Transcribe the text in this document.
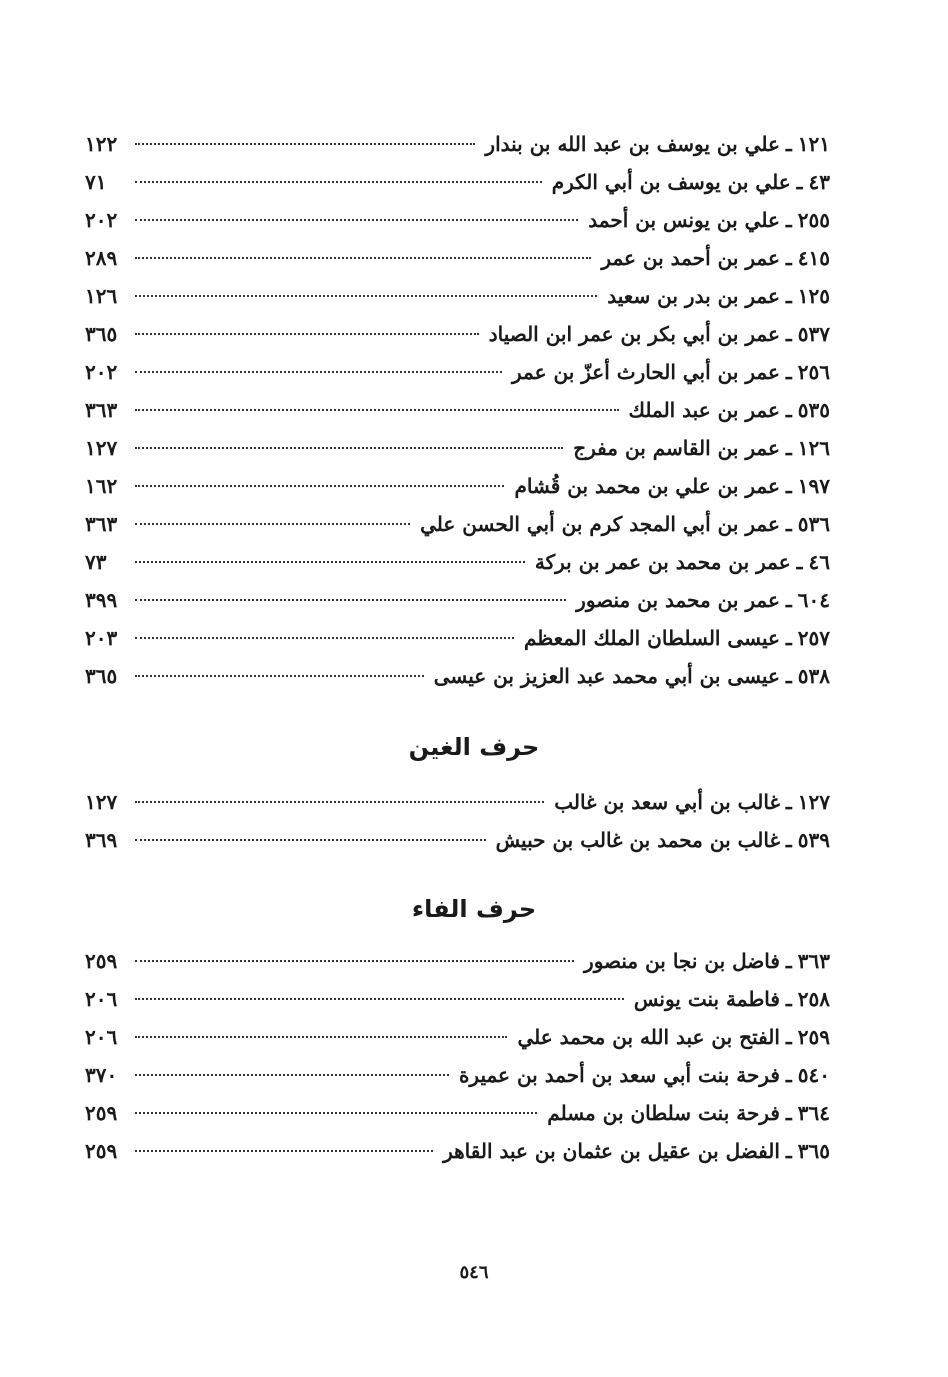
١٢١
ـ
علي بن يوسف بن عبد الله بن بندار
١٢٢
٤٣
ـ
علي بن يوسف بن أبي الكرم
٧١
٢٥٥
ـ
علي بن يونس بن أحمد
٢٠٢
٤١٥
ـ
عمر بن أحمد بن عمر
٢٨٩
١٢٥
ـ
عمر بن بدر بن سعيد
١٢٦
٥٣٧
ـ
عمر بن أبي بكر بن عمر ابن الصياد
٣٦٥
٢٥٦
ـ
عمر بن أبي الحارث أعزّ بن عمر
٢٠٢
٥٣٥
ـ
عمر بن عبد الملك
٣٦٣
١٢٦
ـ
عمر بن القاسم بن مفرج
١٢٧
١٩٧
ـ
عمر بن علي بن محمد بن قُشام
١٦٢
٥٣٦
ـ
عمر بن أبي المجد كرم بن أبي الحسن علي
٣٦٣
٤٦
ـ
عمر بن محمد بن عمر بن بركة
٧٣
٦٠٤
ـ
عمر بن محمد بن منصور
٣٩٩
٢٥٧
ـ
عيسى السلطان الملك المعظم
٢٠٣
٥٣٨
ـ
عيسى بن أبي محمد عبد العزيز بن عيسى
٣٦٥
حرف الغين
١٢٧
ـ
غالب بن أبي سعد بن غالب
١٢٧
٥٣٩
ـ
غالب بن محمد بن غالب بن حبيش
٣٦٩
حرف الفاء
٣٦٣
ـ
فاضل بن نجا بن منصور
٢٥٩
٢٥٨
ـ
فاطمة بنت يونس
٢٠٦
٢٥٩
ـ
الفتح بن عبد الله بن محمد علي
٢٠٦
٥٤٠
ـ
فرحة بنت أبي سعد بن أحمد بن عميرة
٣٧٠
٣٦٤
ـ
فرحة بنت سلطان بن مسلم
٢٥٩
٣٦٥
ـ
الفضل بن عقيل بن عثمان بن عبد القاهر
٢٥٩
٥٤٦
